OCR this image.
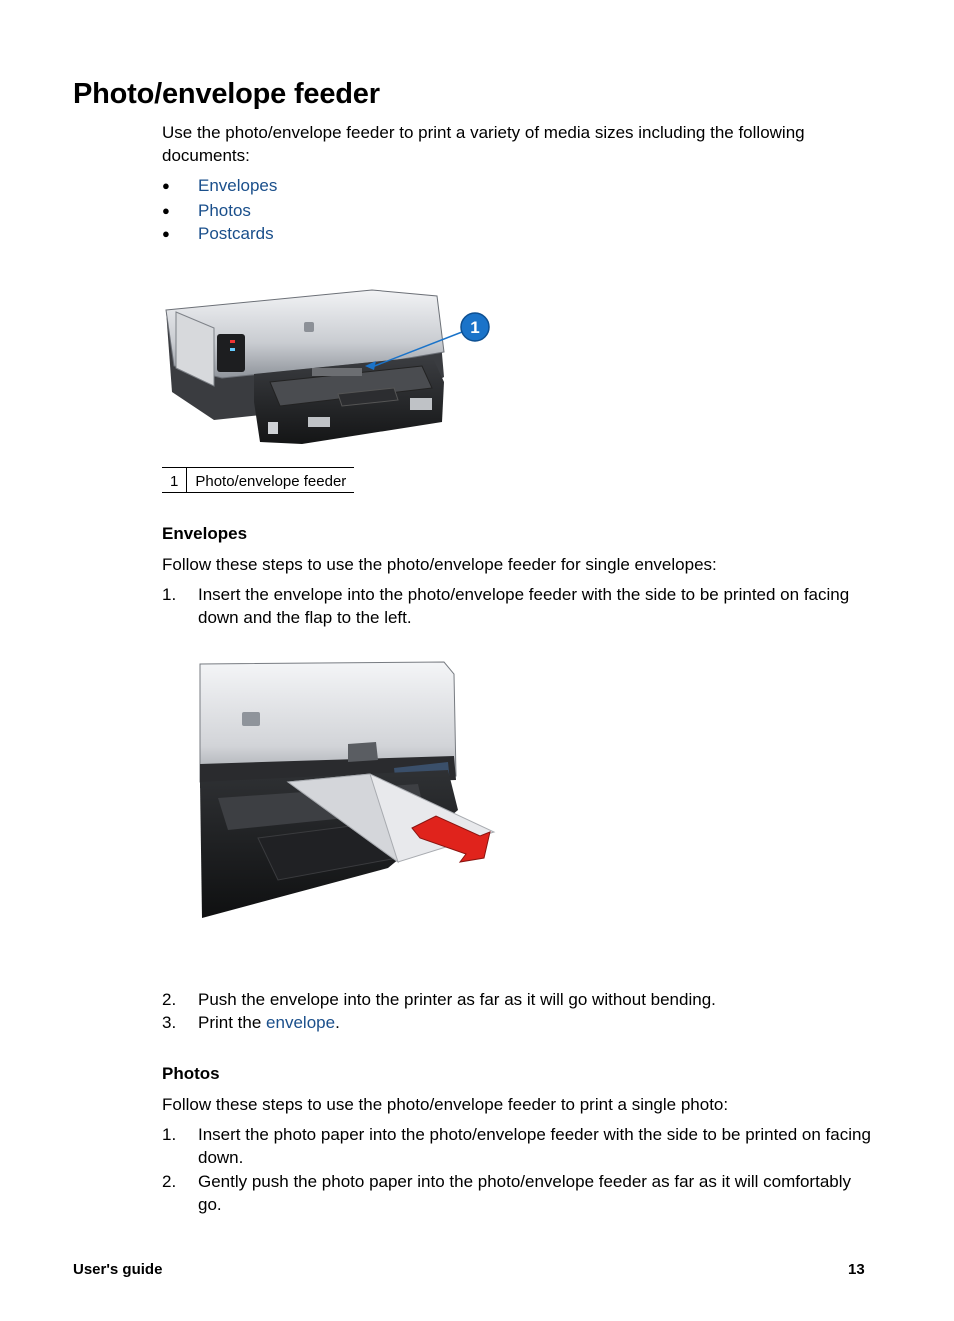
Photo/envelope feeder

Use the photo/envelope feeder to print a variety of media sizes including the following documents:

● Envelopes
● Photos
● Postcards
1
1	Photo/envelope feeder
Envelopes

Follow these steps to use the photo/envelope feeder for single envelopes:

1. Insert the envelope into the photo/envelope feeder with the side to be printed on facing down and the flap to the left.
2. Push the envelope into the printer as far as it will go without bending.
3. Print the envelope.
Photos

Follow these steps to use the photo/envelope feeder to print a single photo:

1. Insert the photo paper into the photo/envelope feeder with the side to be printed on facing down.
2. Gently push the photo paper into the photo/envelope feeder as far as it will comfortably go.
User's guide	13
